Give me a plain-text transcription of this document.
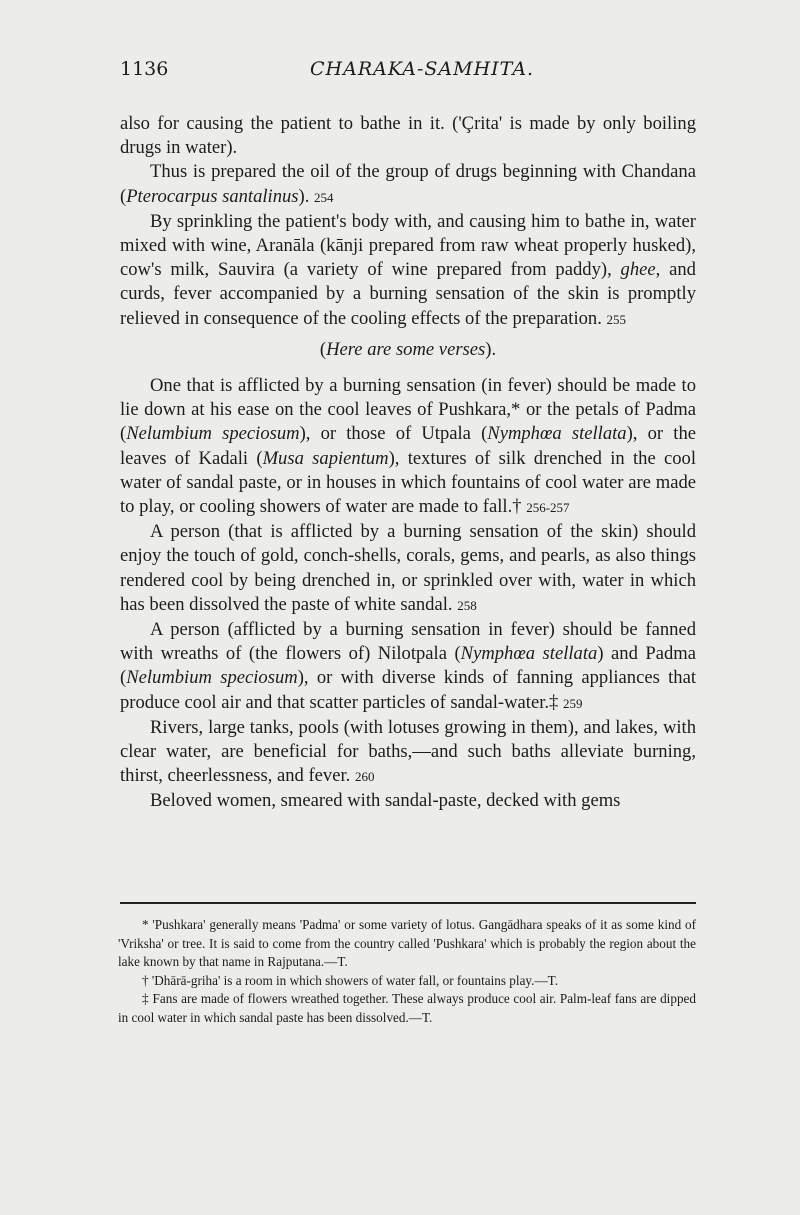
1136	CHARAKA-SAMHITA.

also for causing the patient to bathe in it. ('Çrita' is made by only boiling drugs in water).

Thus is prepared the oil of the group of drugs beginning with Chandana (Pterocarpus santalinus). 254

By sprinkling the patient's body with, and causing him to bathe in, water mixed with wine, Aranāla (kānji prepared from raw wheat properly husked), cow's milk, Sauvira (a variety of wine prepared from paddy), ghee, and curds, fever accompanied by a burning sensation of the skin is promptly relieved in consequence of the cooling effects of the preparation. 255

(Here are some verses).

One that is afflicted by a burning sensation (in fever) should be made to lie down at his ease on the cool leaves of Pushkara,* or the petals of Padma (Nelumbium speciosum), or those of Utpala (Nymphœa stellata), or the leaves of Kadali (Musa sapientum), textures of silk drenched in the cool water of sandal paste, or in houses in which fountains of cool water are made to play, or cooling showers of water are made to fall.† 256-257

A person (that is afflicted by a burning sensation of the skin) should enjoy the touch of gold, conch-shells, corals, gems, and pearls, as also things rendered cool by being drenched in, or sprinkled over with, water in which has been dissolved the paste of white sandal. 258

A person (afflicted by a burning sensation in fever) should be fanned with wreaths of (the flowers of) Nilotpala (Nymphœa stellata) and Padma (Nelumbium speciosum), or with diverse kinds of fanning appliances that produce cool air and that scatter particles of sandal-water.‡ 259

Rivers, large tanks, pools (with lotuses growing in them), and lakes, with clear water, are beneficial for baths,—and such baths alleviate burning, thirst, cheerlessness, and fever. 260

Beloved women, smeared with sandal-paste, decked with gems

* 'Pushkara' generally means 'Padma' or some variety of lotus. Gangādhara speaks of it as some kind of 'Vriksha' or tree. It is said to come from the country called 'Pushkara' which is probably the region about the lake known by that name in Rajputana.—T.

† 'Dhārā-griha' is a room in which showers of water fall, or fountains play.—T.

‡ Fans are made of flowers wreathed together. These always produce cool air. Palm-leaf fans are dipped in cool water in which sandal paste has been dissolved.—T.
